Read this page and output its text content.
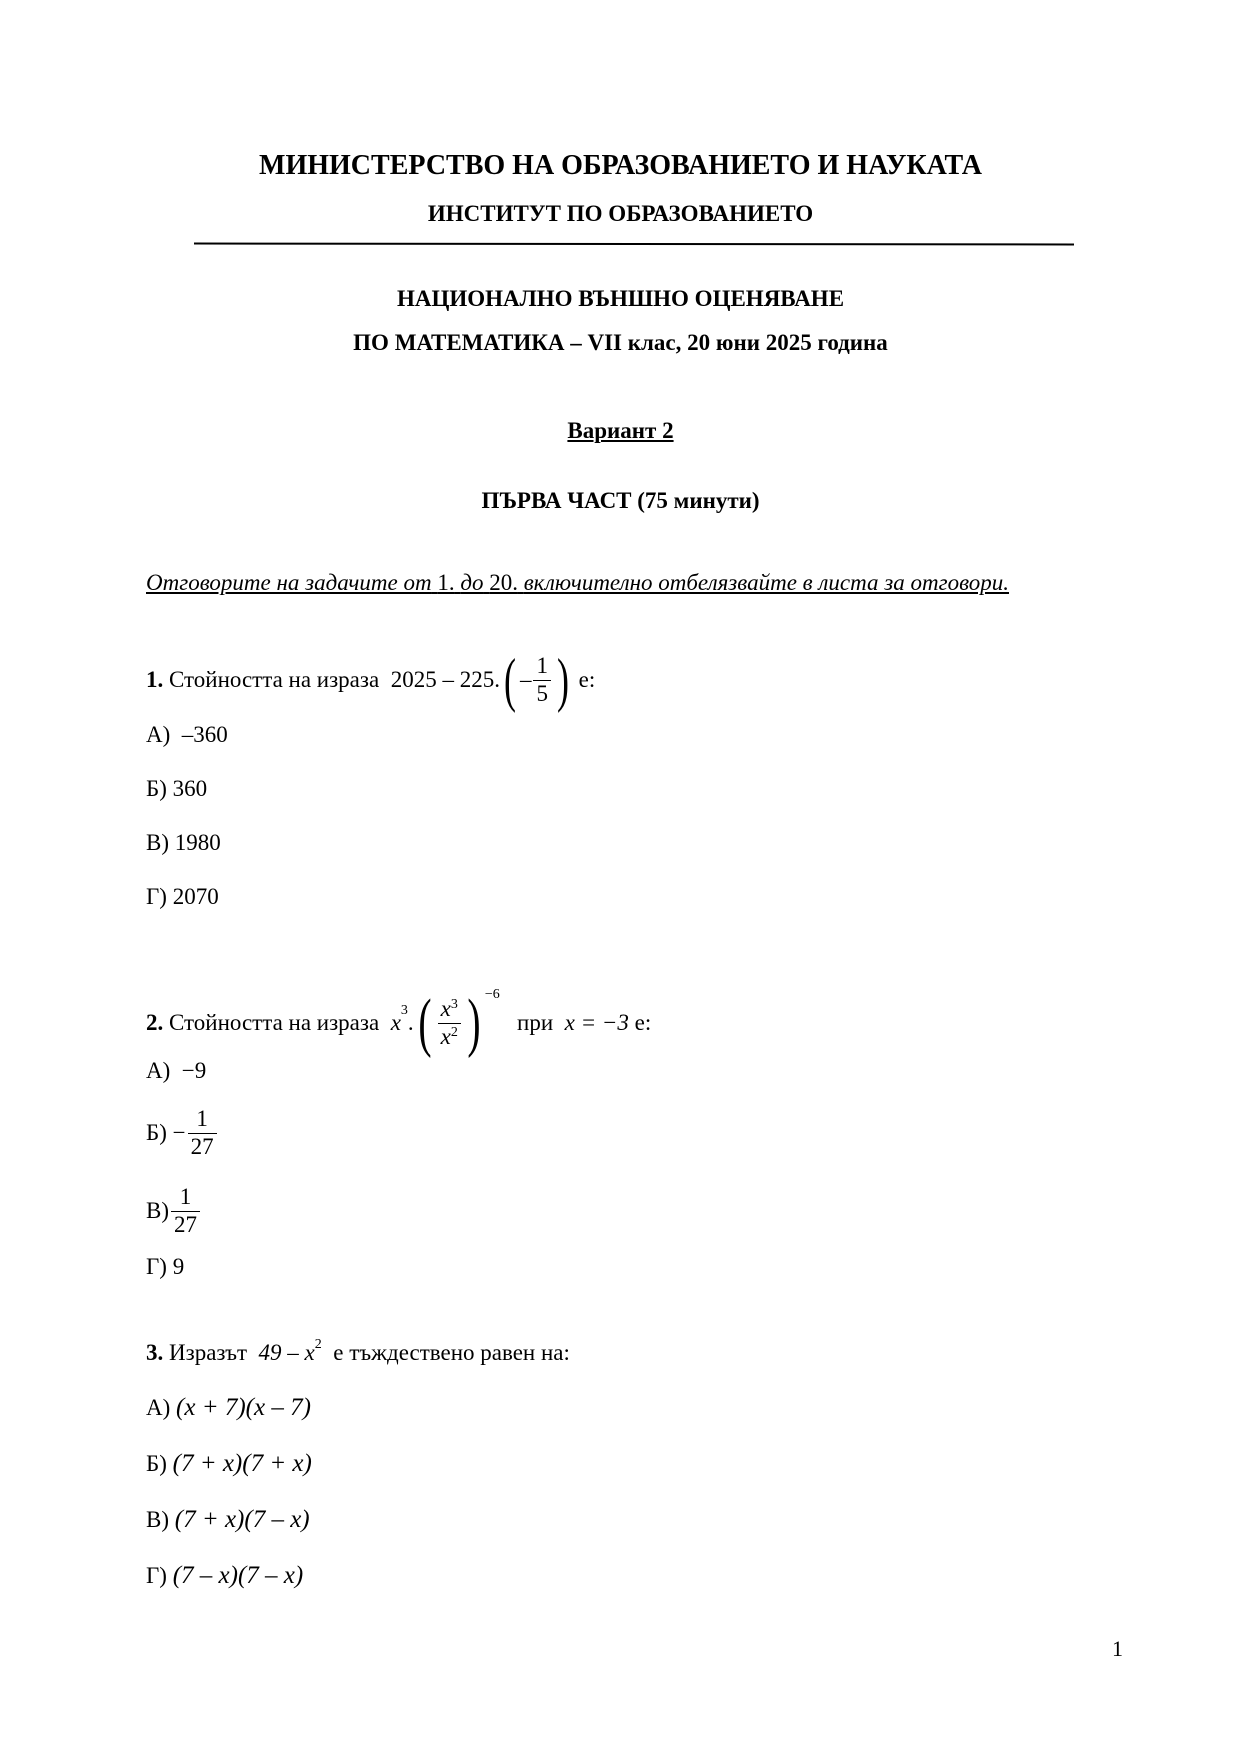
МИНИСТЕРСТВО НА ОБРАЗОВАНИЕТО И НАУКАТА
ИНСТИТУТ ПО ОБРАЗОВАНИЕТО
НАЦИОНАЛНО ВЪНШНО ОЦЕНЯВАНЕ
ПО МАТЕМАТИКА – VII клас, 20 юни 2025 година
Вариант 2
ПЪРВА ЧАСТ (75 минути)
Отговорите на задачите от 1. до 20. включително отбелязвайте в листа за отговори.
1.
Стойността на израза
2025 – 225. ( – $\frac{1}{5}$ )
е:
А) –360
Б) 360
В) 1980
Г) 2070
2.
Стойността на израза
x 3 . ( $\frac{x^3}{x^2}$ ) −6

при
x = −3
е:
А) −9
Б)
− $\frac{1}{27}$
$В) \frac{1}{27}$
Г) 9
3. Изразът $49 - x^2$ е тъждествено равен на:
А) (x + 7)(x – 7)
Б) (7 + x)(7 + x)
В) (7 + x)(7 – x)
Г) (7 – x)(7 – x)
1
